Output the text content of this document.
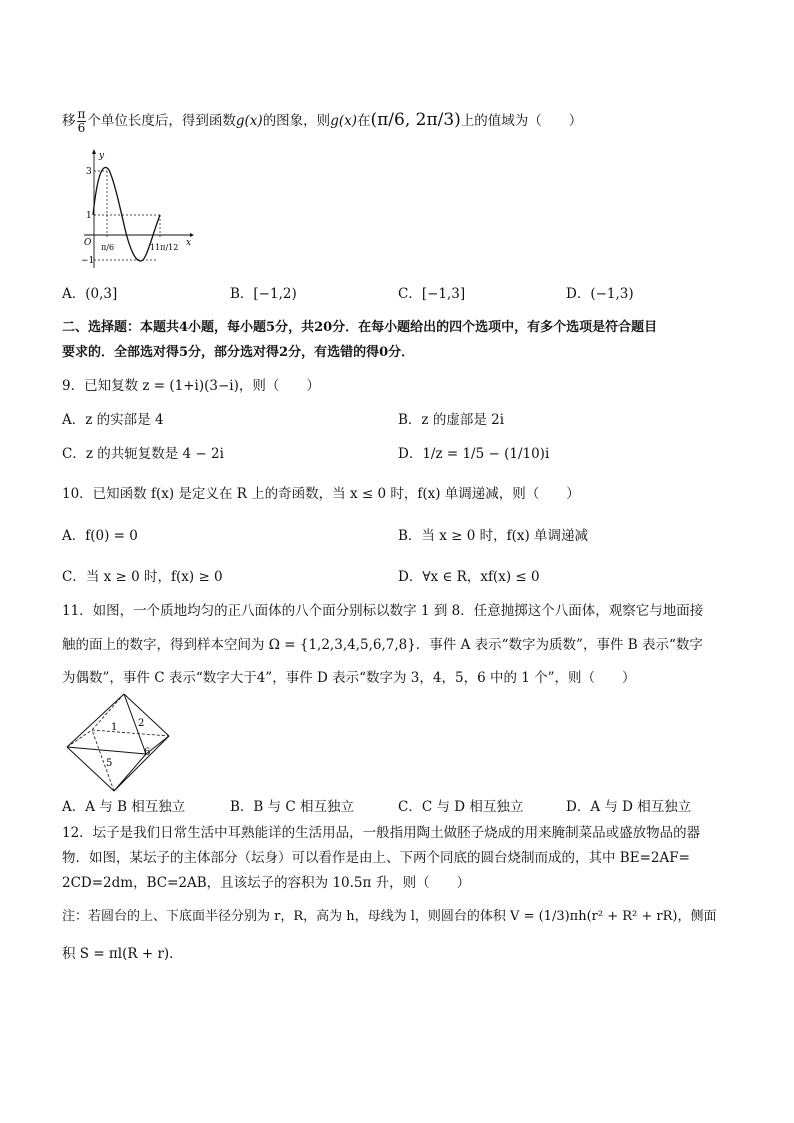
移 $\frac{\pi}{6}$ 个单位长度后，得到函数g(x)的图象，则g(x)在(π/6, 2π/3)上的值域为（　　）
y
x
O
3
1
−1
π/6	11π/12
A．(0,3]	B．[−1,2)	C．[−1,3]	D．(−1,3)
二、选择题：本题共4小题，每小题5分，共20分．在每小题给出的四个选项中，有多个选项是符合题目
要求的．全部选对得5分，部分选对得2分，有选错的得0分．
9．已知复数 z = (1+i)(3−i)，则（　　）
A．z 的实部是 4	B．z 的虚部是 2i
C．z 的共轭复数是 4 − 2i	D．1/z = 1/5 − (1/10)i
10．已知函数 f(x) 是定义在 R 上的奇函数，当 x ≤ 0 时，f(x) 单调递减，则（　　）
A．f(0) = 0	B．当 x ≥ 0 时，f(x) 单调递减
C．当 x ≥ 0 时，f(x) ≥ 0	D．∀x ∈ R，xf(x) ≤ 0
11．如图，一个质地均匀的正八面体的八个面分别标以数字 1 到 8．任意抛掷这个八面体，观察它与地面接
触的面上的数字，得到样本空间为 Ω = {1,2,3,4,5,6,7,8}．事件 A 表示“数字为质数”，事件 B 表示“数字
为偶数”，事件 C 表示“数字大于4”，事件 D 表示“数字为 3，4，5，6 中的 1 个”，则（　　）
1 2
5
6
A．A 与 B 相互独立	B．B 与 C 相互独立	C．C 与 D 相互独立	D．A 与 D 相互独立
12．坛子是我们日常生活中耳熟能详的生活用品，一般指用陶土做胚子烧成的用来腌制菜品或盛放物品的器
物．如图，某坛子的主体部分（坛身）可以看作是由上、下两个同底的圆台烧制而成的，其中 BE=2AF=
2CD=2dm，BC=2AB，且该坛子的容积为 10.5π 升，则（　　）
注：若圆台的上、下底面半径分别为 r，R，高为 h，母线为 l，则圆台的体积 V = (1/3)πh(r² + R² + rR)，侧面
积 S = πl(R + r)．
